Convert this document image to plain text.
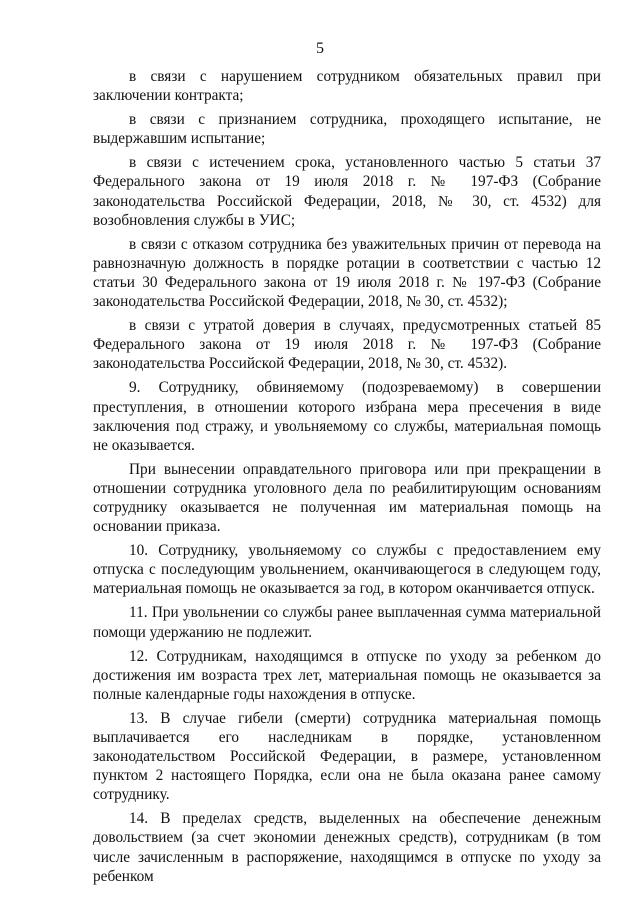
5

в связи с нарушением сотрудником обязательных правил при заключении контракта;

в связи с признанием сотрудника, проходящего испытание, не выдержавшим испытание;

в связи с истечением срока, установленного частью 5 статьи 37 Федерального закона от 19 июля 2018 г. № 197-ФЗ (Собрание законодательства Российской Федерации, 2018, № 30, ст. 4532) для возобновления службы в УИС;

в связи с отказом сотрудника без уважительных причин от перевода на равнозначную должность в порядке ротации в соответствии с частью 12 статьи 30 Федерального закона от 19 июля 2018 г. № 197-ФЗ (Собрание законодательства Российской Федерации, 2018, № 30, ст. 4532);

в связи с утратой доверия в случаях, предусмотренных статьей 85 Федерального закона от 19 июля 2018 г. № 197-ФЗ (Собрание законодательства Российской Федерации, 2018, № 30, ст. 4532).

9. Сотруднику, обвиняемому (подозреваемому) в совершении преступления, в отношении которого избрана мера пресечения в виде заключения под стражу, и увольняемому со службы, материальная помощь не оказывается.

При вынесении оправдательного приговора или при прекращении в отношении сотрудника уголовного дела по реабилитирующим основаниям сотруднику оказывается не полученная им материальная помощь на основании приказа.

10. Сотруднику, увольняемому со службы с предоставлением ему отпуска с последующим увольнением, оканчивающегося в следующем году, материальная помощь не оказывается за год, в котором оканчивается отпуск.

11. При увольнении со службы ранее выплаченная сумма материальной помощи удержанию не подлежит.

12. Сотрудникам, находящимся в отпуске по уходу за ребенком до достижения им возраста трех лет, материальная помощь не оказывается за полные календарные годы нахождения в отпуске.

13. В случае гибели (смерти) сотрудника материальная помощь выплачивается его наследникам в порядке, установленном законодательством Российской Федерации, в размере, установленном пунктом 2 настоящего Порядка, если она не была оказана ранее самому сотруднику.

14. В пределах средств, выделенных на обеспечение денежным довольствием (за счет экономии денежных средств), сотрудникам (в том числе зачисленным в распоряжение, находящимся в отпуске по уходу за ребенком
